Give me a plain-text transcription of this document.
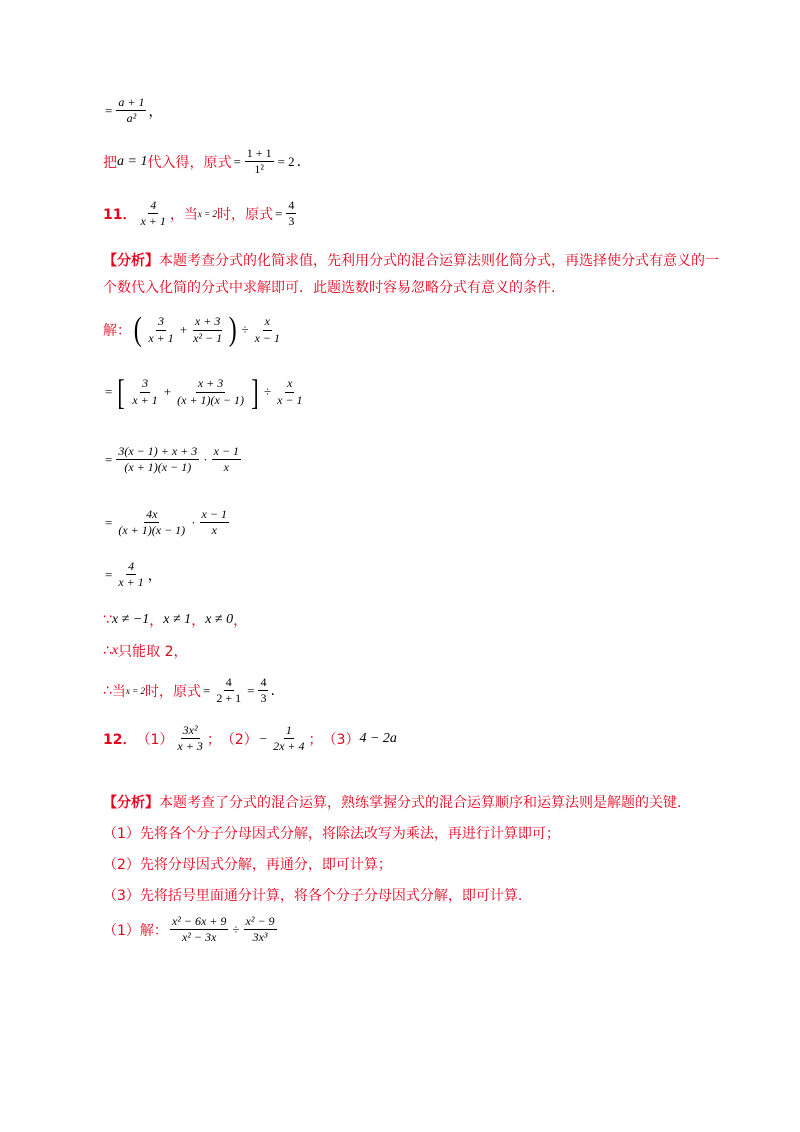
= $\frac{a + 1}{\text{a²}}$ ，
把 a = 1 代入得，原式 = $\frac{1 + 1}{\text{1²}} = 2$ .
11． $\frac{4}{x + 1}$ ，当 x = 2 时，原式 = $\frac{4}{3}$
【分析】本题考查分式的化简求值，先利用分式的混合运算法则化简分式，再选择使分式有意义的一个数代入化简的分式中求解即可．此题选数时容易忽略分式有意义的条件.
解： ( $\frac{3}{x + 1} + \frac{x + 3}{\text{x² − 1}}$ ) ÷ $\frac{x}{x - 1}$
= [ $\frac{3}{x + 1} + \frac{x + 3}{(x + 1)(x - 1)}$ ] ÷ $\frac{x}{x - 1}$
= $\frac{3(x - 1) + x + 3}{(x + 1)(x - 1)} \cdot \frac{x - 1}{x}$
= $\frac{4x}{(x + 1)(x - 1)} \cdot \frac{x - 1}{x}$
= $\frac{4}{x + 1}$ ，
∵ x ≠ −1 ， x ≠ 1 ， x ≠ 0 ，
∴ x 只能取 2，
∴ 当 x = 2 时，原式 = $\frac{4}{2 + 1} = \frac{4}{3}$ .
12． $(1) \frac{\text{3x²}}{x + 3}$ ； $(2) - \frac{1}{2x + 4}$ ； （3） 4 − 2a
【分析】本题考查了分式的混合运算，熟练掌握分式的混合运算顺序和运算法则是解题的关键.
（1）先将各个分子分母因式分解，将除法改写为乘法，再进行计算即可；
（2）先将分母因式分解，再通分，即可计算；
（3）先将括号里面通分计算，将各个分子分母因式分解，即可计算.
（1）解： $\frac{\text{x² − 6x + 9}}{\text{x² − 3x}} \div \frac{\text{x² − 9}}{\text{3x³}}$
